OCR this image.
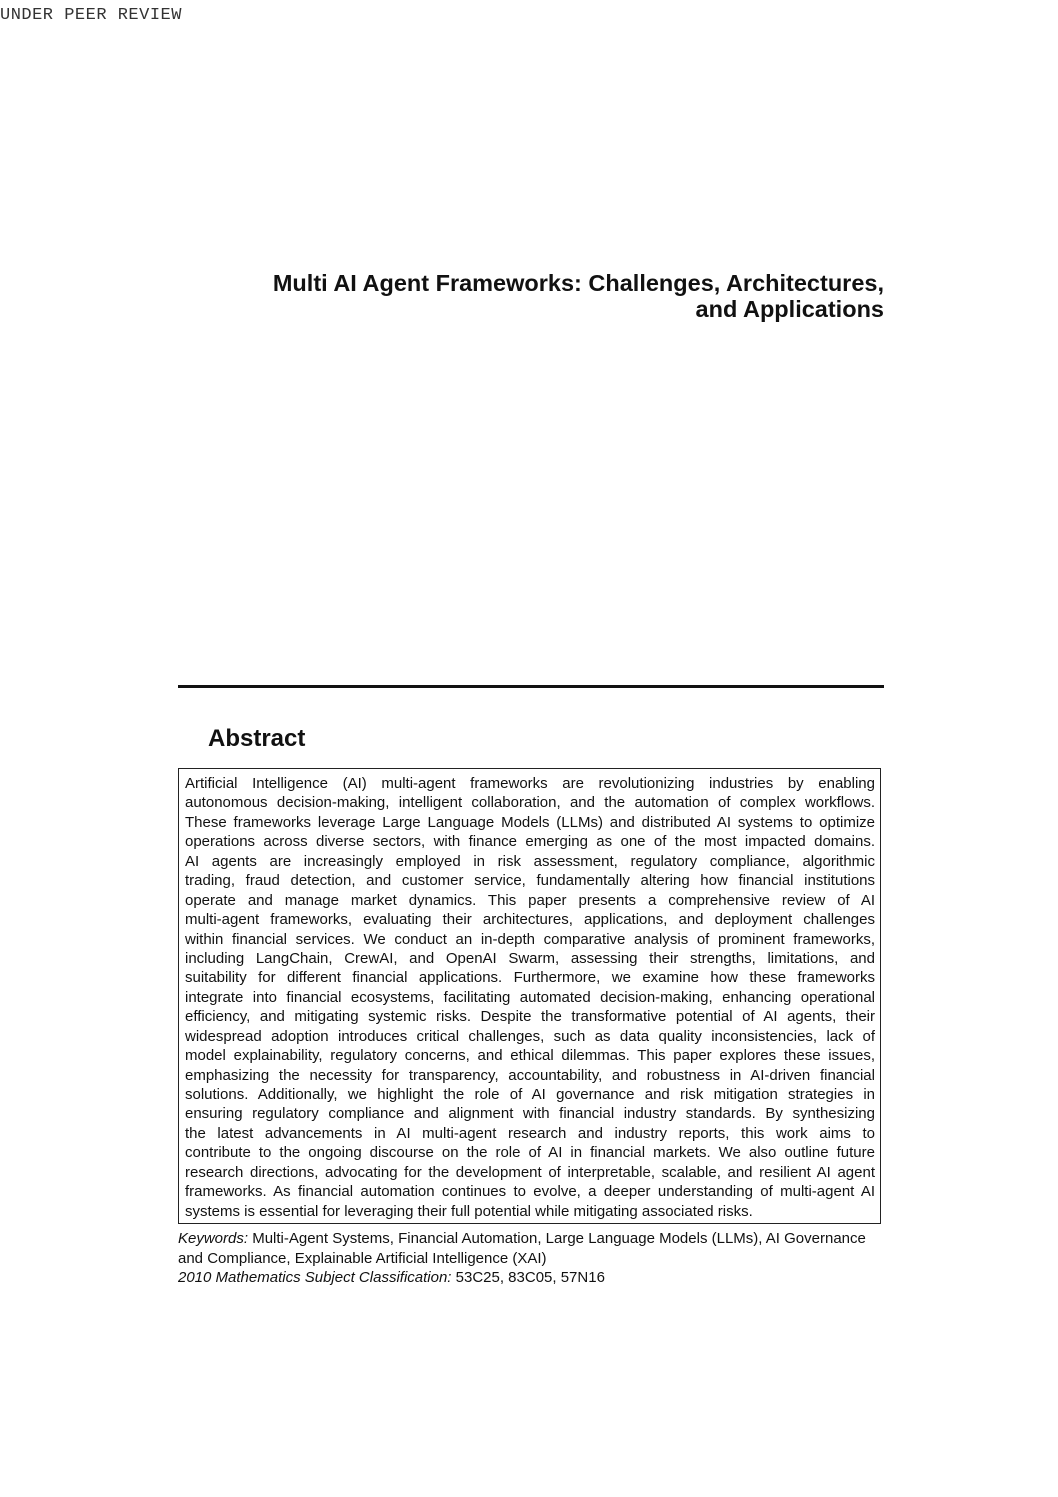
UNDER PEER REVIEW
Multi AI Agent Frameworks: Challenges, Architectures,
and Applications
Abstract
Artificial Intelligence (AI) multi-agent frameworks are revolutionizing industries by enabling
autonomous decision-making, intelligent collaboration, and the automation of complex workflows.
These frameworks leverage Large Language Models (LLMs) and distributed AI systems to optimize
operations across diverse sectors, with finance emerging as one of the most impacted domains.
AI agents are increasingly employed in risk assessment, regulatory compliance, algorithmic
trading, fraud detection, and customer service, fundamentally altering how financial institutions
operate and manage market dynamics. This paper presents a comprehensive review of AI
multi-agent frameworks, evaluating their architectures, applications, and deployment challenges
within financial services. We conduct an in-depth comparative analysis of prominent frameworks,
including LangChain, CrewAI, and OpenAI Swarm, assessing their strengths, limitations, and
suitability for different financial applications. Furthermore, we examine how these frameworks
integrate into financial ecosystems, facilitating automated decision-making, enhancing operational
efficiency, and mitigating systemic risks. Despite the transformative potential of AI agents, their
widespread adoption introduces critical challenges, such as data quality inconsistencies, lack of
model explainability, regulatory concerns, and ethical dilemmas. This paper explores these issues,
emphasizing the necessity for transparency, accountability, and robustness in AI-driven financial
solutions. Additionally, we highlight the role of AI governance and risk mitigation strategies in
ensuring regulatory compliance and alignment with financial industry standards. By synthesizing
the latest advancements in AI multi-agent research and industry reports, this work aims to
contribute to the ongoing discourse on the role of AI in financial markets. We also outline future
research directions, advocating for the development of interpretable, scalable, and resilient AI agent
frameworks. As financial automation continues to evolve, a deeper understanding of multi-agent AI
systems is essential for leveraging their full potential while mitigating associated risks.
Keywords: Multi-Agent Systems, Financial Automation, Large Language Models (LLMs), AI Governance
and Compliance, Explainable Artificial Intelligence (XAI)
2010 Mathematics Subject Classification: 53C25, 83C05, 57N16
